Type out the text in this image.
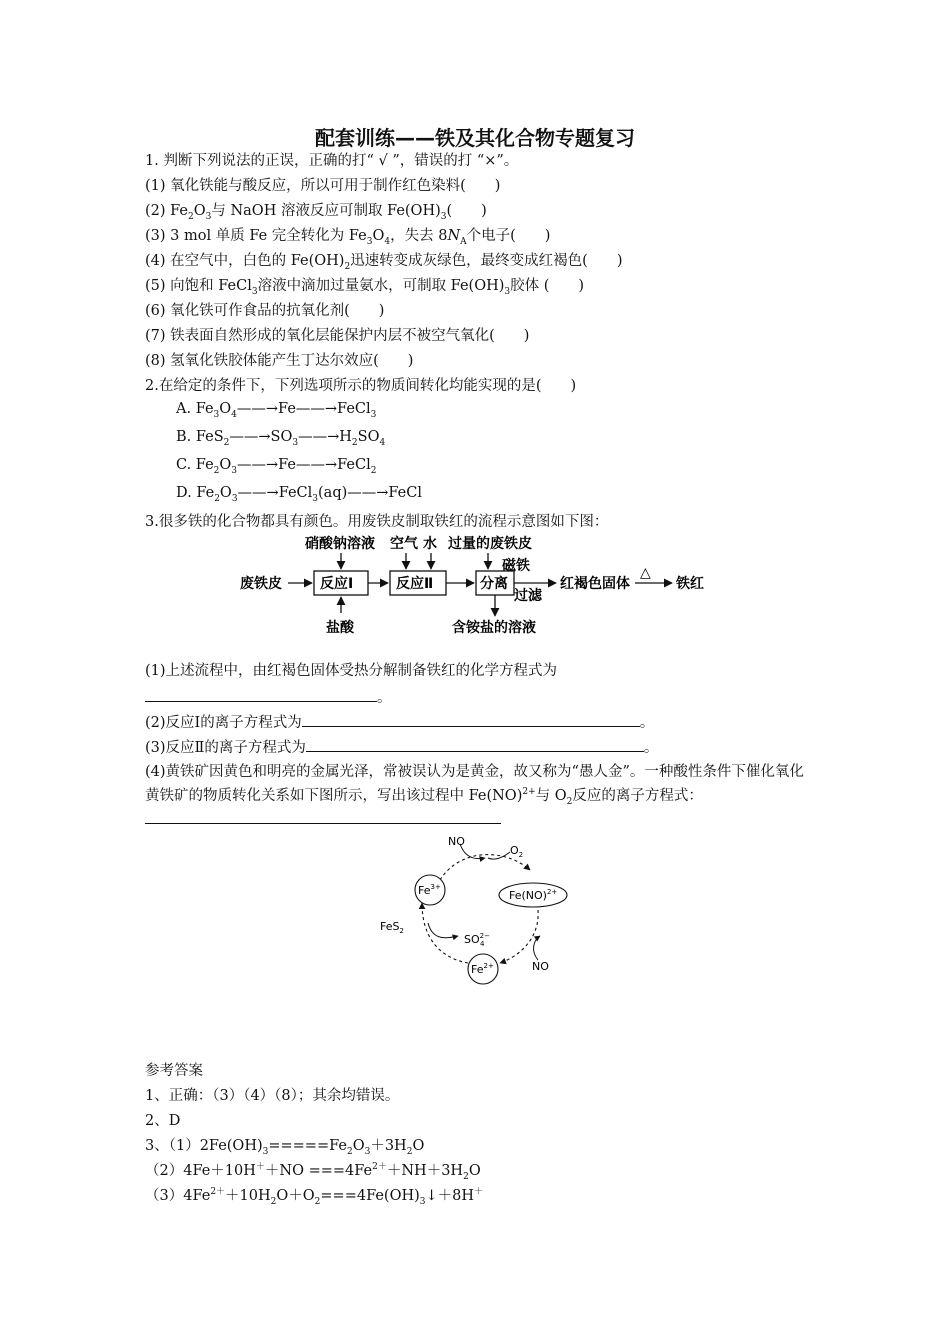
配套训练——铁及其化合物专题复习
1. 判断下列说法的正误，正确的打“ √ ”，错误的打 “×”。
(1) 氧化铁能与酸反应，所以可用于制作红色染料(　　)
(2) $Fe_2O_3$与 NaOH 溶液反应可制取 $Fe(OH)_3$(　　)
(3) 3 mol 单质 Fe 完全转化为 $Fe_3O_4$，失去 $8N_A$个电子(　　)
(4) 在空气中，白色的 $Fe(OH)_2$迅速转变成灰绿色，最终变成红褐色(　　)
(5) 向饱和 FeCl$_3$溶液中滴加过量氨水，可制取 $Fe(OH)_3$胶体 (　　)
(6) 氧化铁可作食品的抗氧化剂(　　)
(7) 铁表面自然形成的氧化层能保护内层不被空气氧化(　　)
(8) 氢氧化铁胶体能产生丁达尔效应(　　)
2.在给定的条件下，下列选项所示的物质间转化均能实现的是(　　)
A. $Fe_3O_4——\to Fe——\to FeCl_3$
B. $FeS_2——\to SO_3——\to H_2SO_4$
C. $Fe_2O_3——\to Fe——\to FeCl_2$
D. $Fe_2O_3——\to FeCl_3(aq)——\to FeCl$
3.很多铁的化合物都具有颜色。用废铁皮制取铁红的流程示意图如下图：
硝酸钠溶液 空气 水 过量的废铁皮
磁铁
废铁皮	反应Ⅰ	反应Ⅱ	分离	红褐色固体	铁红
过滤
盐酸	含铵盐的溶液
△
(1)上述流程中，由红褐色固体受热分解制备铁红的化学方程式为
。
(2)反应Ⅰ的离子方程式为	。
(3)反应Ⅱ的离子方程式为	。
(4)黄铁矿因黄色和明亮的金属光泽，常被误认为是黄金，故又称为“愚人金”。一种酸性条件下催化氧化黄铁矿的物质转化关系如下图所示，写出该过程中 Fe(NO)$^{2+}$与 $O_2$反应的离子方程式：
NO
$O_2$
$Fe^{3+}$
Fe(NO)$^{2+}$
FeS$_2$
$SO^{2-}$ 4
$Fe^{2+}$	NO
参考答案
1、正确：（3）（4）（8）；其余均错误。
2、D
3、$(1)2Fe(OH)_3=====Fe_2O_3+3H_2O$
$(2)4Fe+10H^++NO ===4Fe^{2+}+NH+3H_2O$
$(3)4Fe^{2+}+10H_2O+O_2===4Fe(OH)_3↓+8H^+$
